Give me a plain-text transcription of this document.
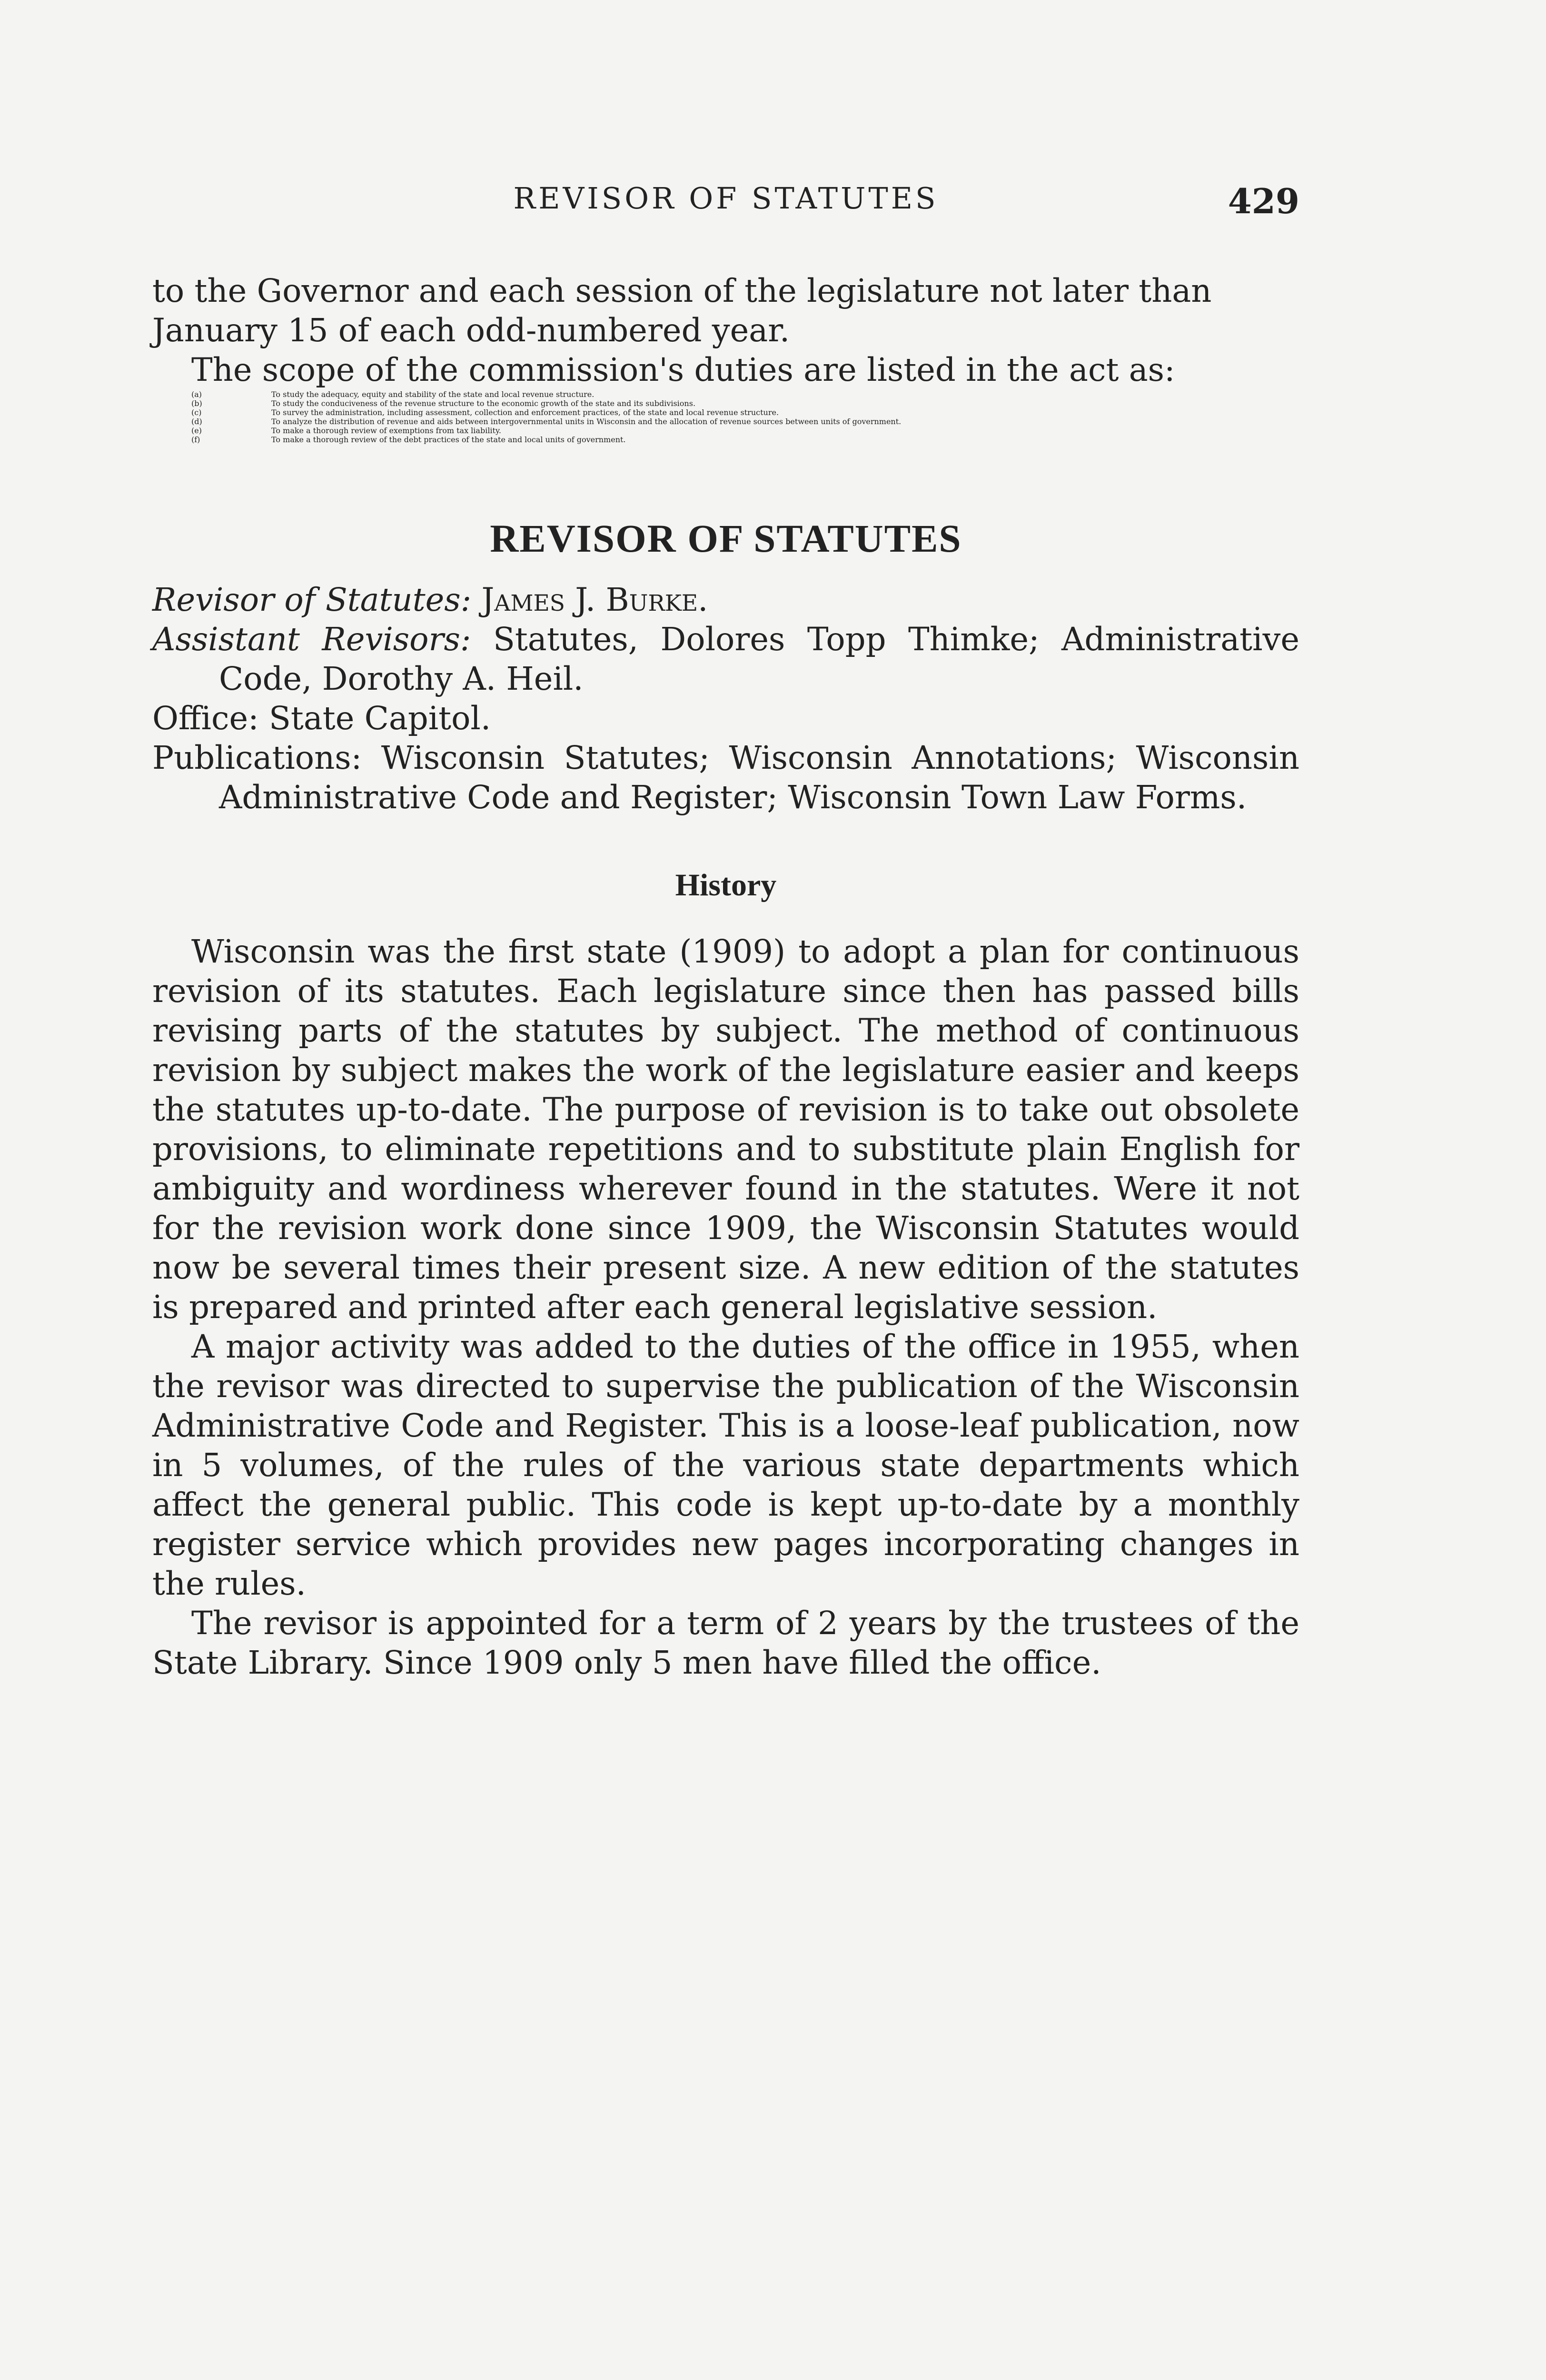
REVISOR OF STATUTES	429
to the Governor and each session of the legislature not later than
January 15 of each odd-numbered year.
The scope of the commission's duties are listed in the act as:
(a)	To study the adequacy, equity and stability of the state and local revenue structure.
(b)	To study the conduciveness of the revenue structure to the economic growth of the state and its subdivisions.
(c)	To survey the administration, including assessment, collection and enforcement practices, of the state and local revenue structure.
(d)	To analyze the distribution of revenue and aids between intergovernmental units in Wisconsin and the allocation of revenue sources between units of government.
(e)	To make a thorough review of exemptions from tax liability.
(f)	To make a thorough review of the debt practices of the state and local units of government.
REVISOR OF STATUTES
Revisor of Statutes: James J. Burke.
Assistant Revisors: Statutes, Dolores Topp Thimke; Administrative Code, Dorothy A. Heil.
Office: State Capitol.
Publications: Wisconsin Statutes; Wisconsin Annotations; Wisconsin Administrative Code and Register; Wisconsin Town Law Forms.
History

Wisconsin was the first state (1909) to adopt a plan for continuous revision of its statutes. Each legislature since then has passed bills revising parts of the statutes by subject. The method of continuous revision by subject makes the work of the legislature easier and keeps the statutes up-to-date. The purpose of revision is to take out obsolete provisions, to eliminate repetitions and to substitute plain English for ambiguity and wordiness wherever found in the statutes. Were it not for the revision work done since 1909, the Wisconsin Statutes would now be several times their present size. A new edition of the statutes is prepared and printed after each general legislative session.

A major activity was added to the duties of the office in 1955, when the revisor was directed to supervise the publication of the Wisconsin Administrative Code and Register. This is a loose-leaf publication, now in 5 volumes, of the rules of the various state departments which affect the general public. This code is kept up-to-date by a monthly register service which provides new pages incorporating changes in the rules.

The revisor is appointed for a term of 2 years by the trustees of the State Library. Since 1909 only 5 men have filled the office.
